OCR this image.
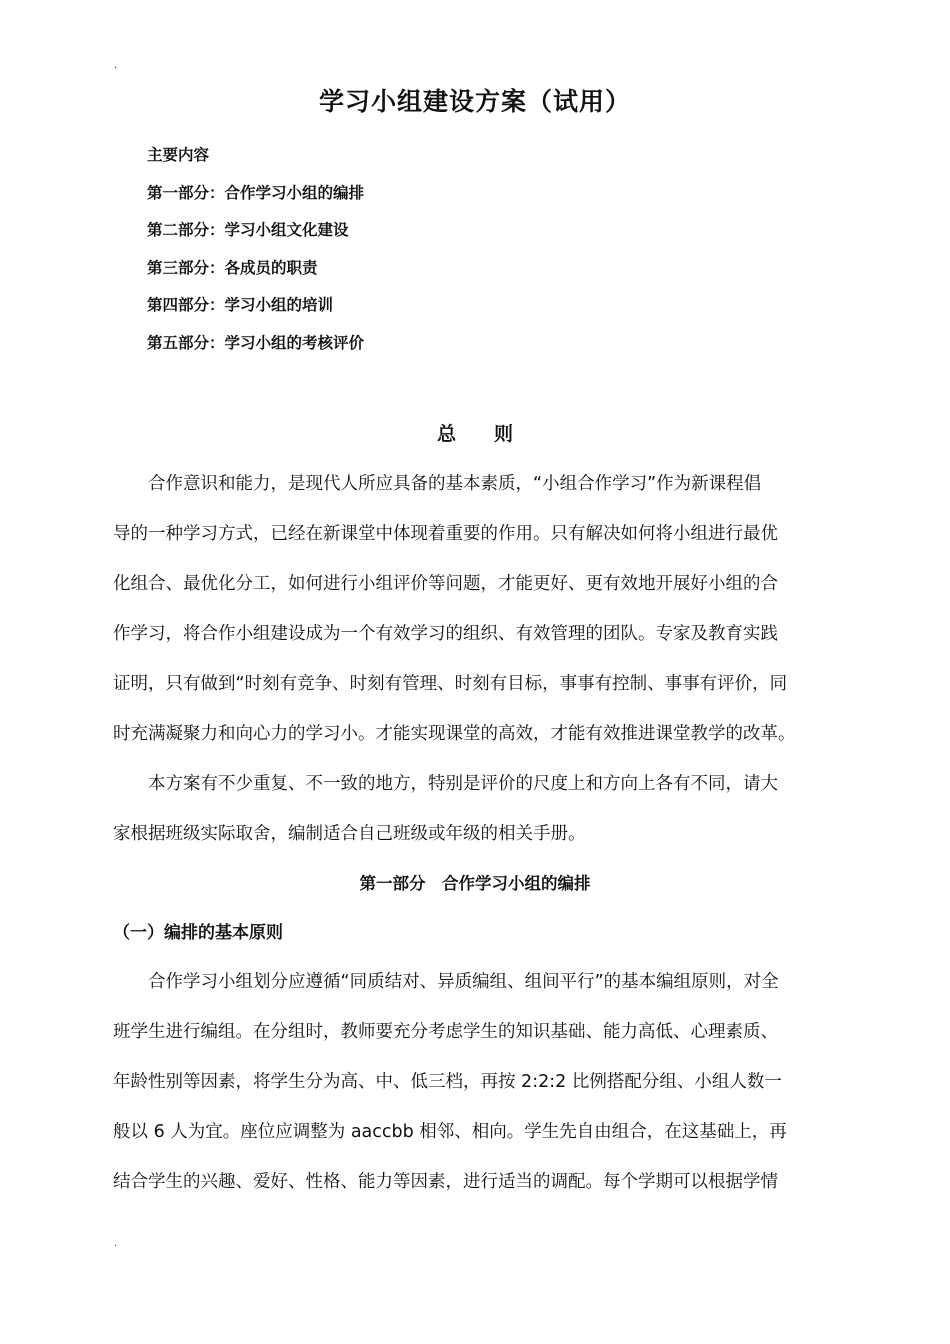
.
学习小组建设方案（试用）
主要内容
第一部分：合作学习小组的编排
第二部分：学习小组文化建设
第三部分：各成员的职责
第四部分：学习小组的培训
第五部分：学习小组的考核评价
总　　则
　　合作意识和能力，是现代人所应具备的基本素质，“小组合作学习”作为新课程倡
导的一种学习方式，已经在新课堂中体现着重要的作用。只有解决如何将小组进行最优
化组合、最优化分工，如何进行小组评价等问题，才能更好、更有效地开展好小组的合
作学习，将合作小组建设成为一个有效学习的组织、有效管理的团队。专家及教育实践
证明，只有做到“时刻有竞争、时刻有管理、时刻有目标，事事有控制、事事有评价，同
时充满凝聚力和向心力的学习小。才能实现课堂的高效，才能有效推进课堂教学的改革。
　　本方案有不少重复、不一致的地方，特别是评价的尺度上和方向上各有不同，请大
家根据班级实际取舍，编制适合自己班级或年级的相关手册。
第一部分　合作学习小组的编排
（一）编排的基本原则
　　合作学习小组划分应遵循“同质结对、异质编组、组间平行”的基本编组原则，对全
班学生进行编组。在分组时，教师要充分考虑学生的知识基础、能力高低、心理素质、
年龄性别等因素，将学生分为高、中、低三档，再按 2:2:2 比例搭配分组、小组人数一
般以 6 人为宜。座位应调整为 aaccbb 相邻、相向。学生先自由组合，在这基础上，再
结合学生的兴趣、爱好、性格、能力等因素，进行适当的调配。每个学期可以根据学情
.
